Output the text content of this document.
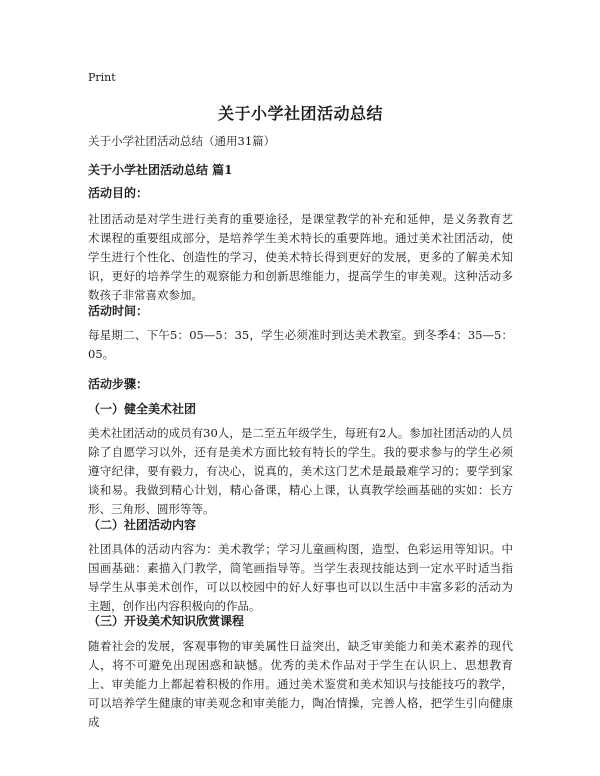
Print
关于小学社团活动总结
关于小学社团活动总结（通用31篇）
关于小学社团活动总结 篇1
活动目的：
社团活动是对学生进行美育的重要途径，是课堂教学的补充和延伸，是义务教育艺术课程的重要组成部分，是培养学生美术特长的重要阵地。通过美术社团活动，使学生进行个性化、创造性的学习，使美术特长得到更好的发展，更多的了解美术知识，更好的培养学生的观察能力和创新思维能力，提高学生的审美观。这种活动多数孩子非常喜欢参加。
活动时间：
每星期二、下午5：05—5：35，学生必须准时到达美术教室。到冬季4：35—5：05。
活动步骤：
（一）健全美术社团
美术社团活动的成员有30人，是二至五年级学生，每班有2人。参加社团活动的人员除了自愿学习以外，还有是美术方面比较有特长的学生。我的要求参与的学生必须遵守纪律，要有毅力，有决心，说真的，美术这门艺术是最最难学习的；要学到家谈和易。我做到精心计划，精心备课，精心上课，认真教学绘画基础的实如：长方形、三角形、圆形等等。
（二）社团活动内容
社团具体的活动内容为：美术教学；学习儿童画构图，造型、色彩运用等知识。中国画基础：素描入门教学，简笔画指导等。当学生表现技能达到一定水平时适当指导学生从事美术创作，可以以校园中的好人好事也可以以生活中丰富多彩的活动为主题，创作出内容积极向的作品。
（三）开设美术知识欣赏课程
随着社会的发展，客观事物的审美属性日益突出，缺乏审美能力和美术素养的现代人，将不可避免出现困惑和缺憾。优秀的美术作品对于学生在认识上、思想教育上、审美能力上都起着积极的作用。通过美术鉴赏和美术知识与技能技巧的教学，可以培养学生健康的审美观念和审美能力，陶冶情操，完善人格，把学生引向健康成
